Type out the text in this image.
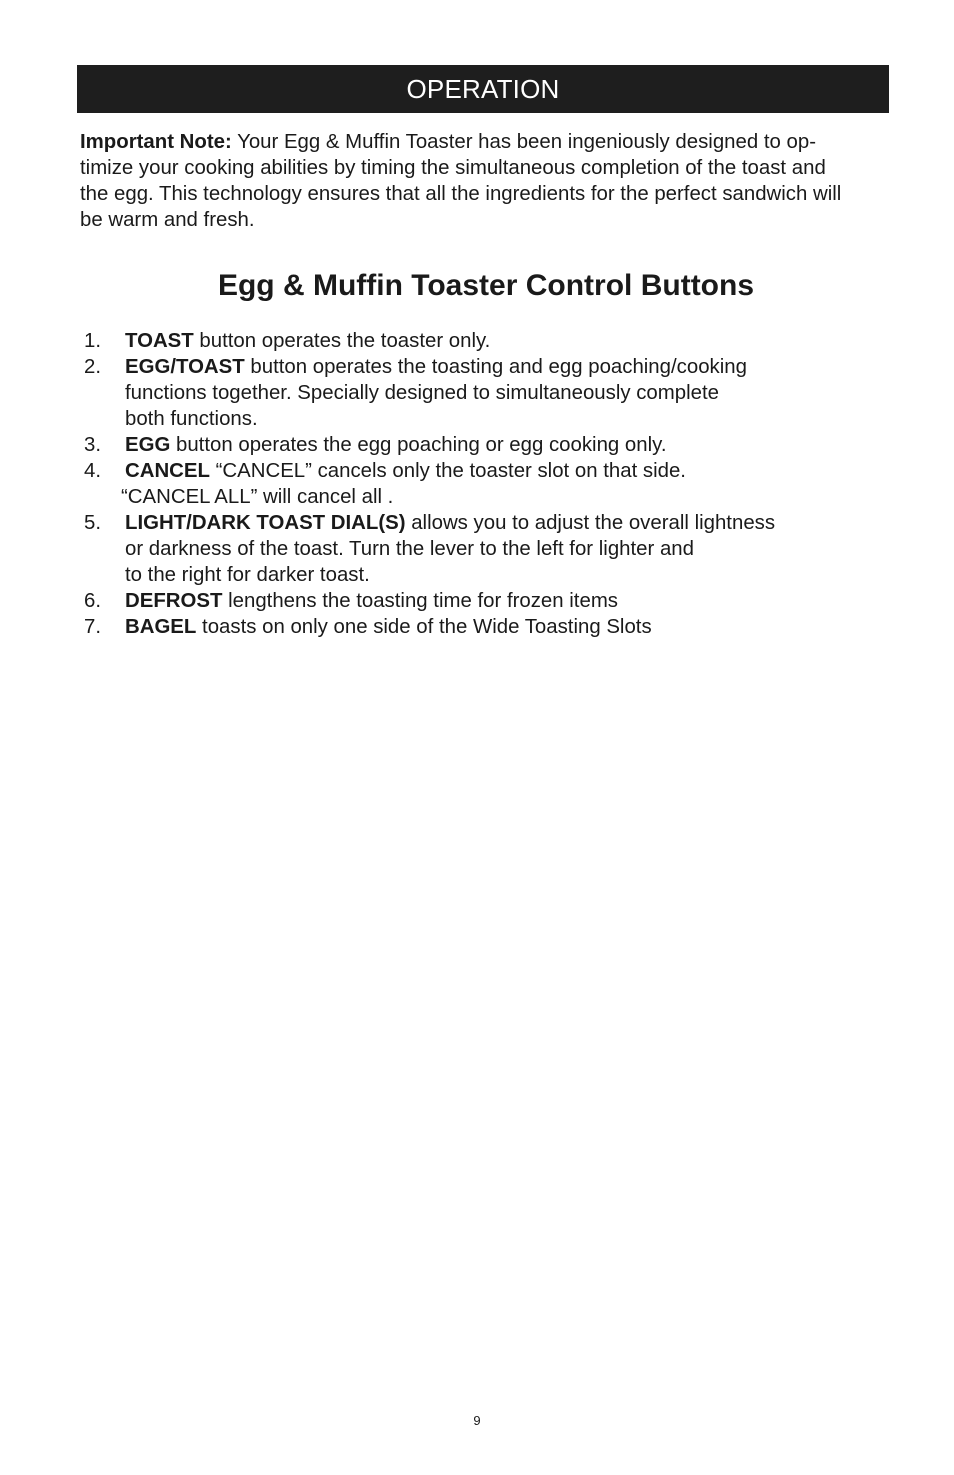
OPERATION

Important Note: Your Egg & Muffin Toaster has been ingeniously designed to op-
timize your cooking abilities by timing the simultaneous completion of the toast and
the egg. This technology ensures that all the ingredients for the perfect sandwich will
be warm and fresh.

Egg & Muffin Toaster Control Buttons
1. TOAST button operates the toaster only.
2. EGG/TOAST button operates the toasting and egg poaching/cooking
functions together. Specially designed to simultaneously complete
both functions.
3. EGG button operates the egg poaching or egg cooking only.
4. CANCEL “CANCEL” cancels only the toaster slot on that side.
“CANCEL ALL” will cancel all .
5. LIGHT/DARK TOAST DIAL(S) allows you to adjust the overall lightness
or darkness of the toast. Turn the lever to the left for lighter and
to the right for darker toast.
6. DEFROST lengthens the toasting time for frozen items
7. BAGEL toasts on only one side of the Wide Toasting Slots
9
